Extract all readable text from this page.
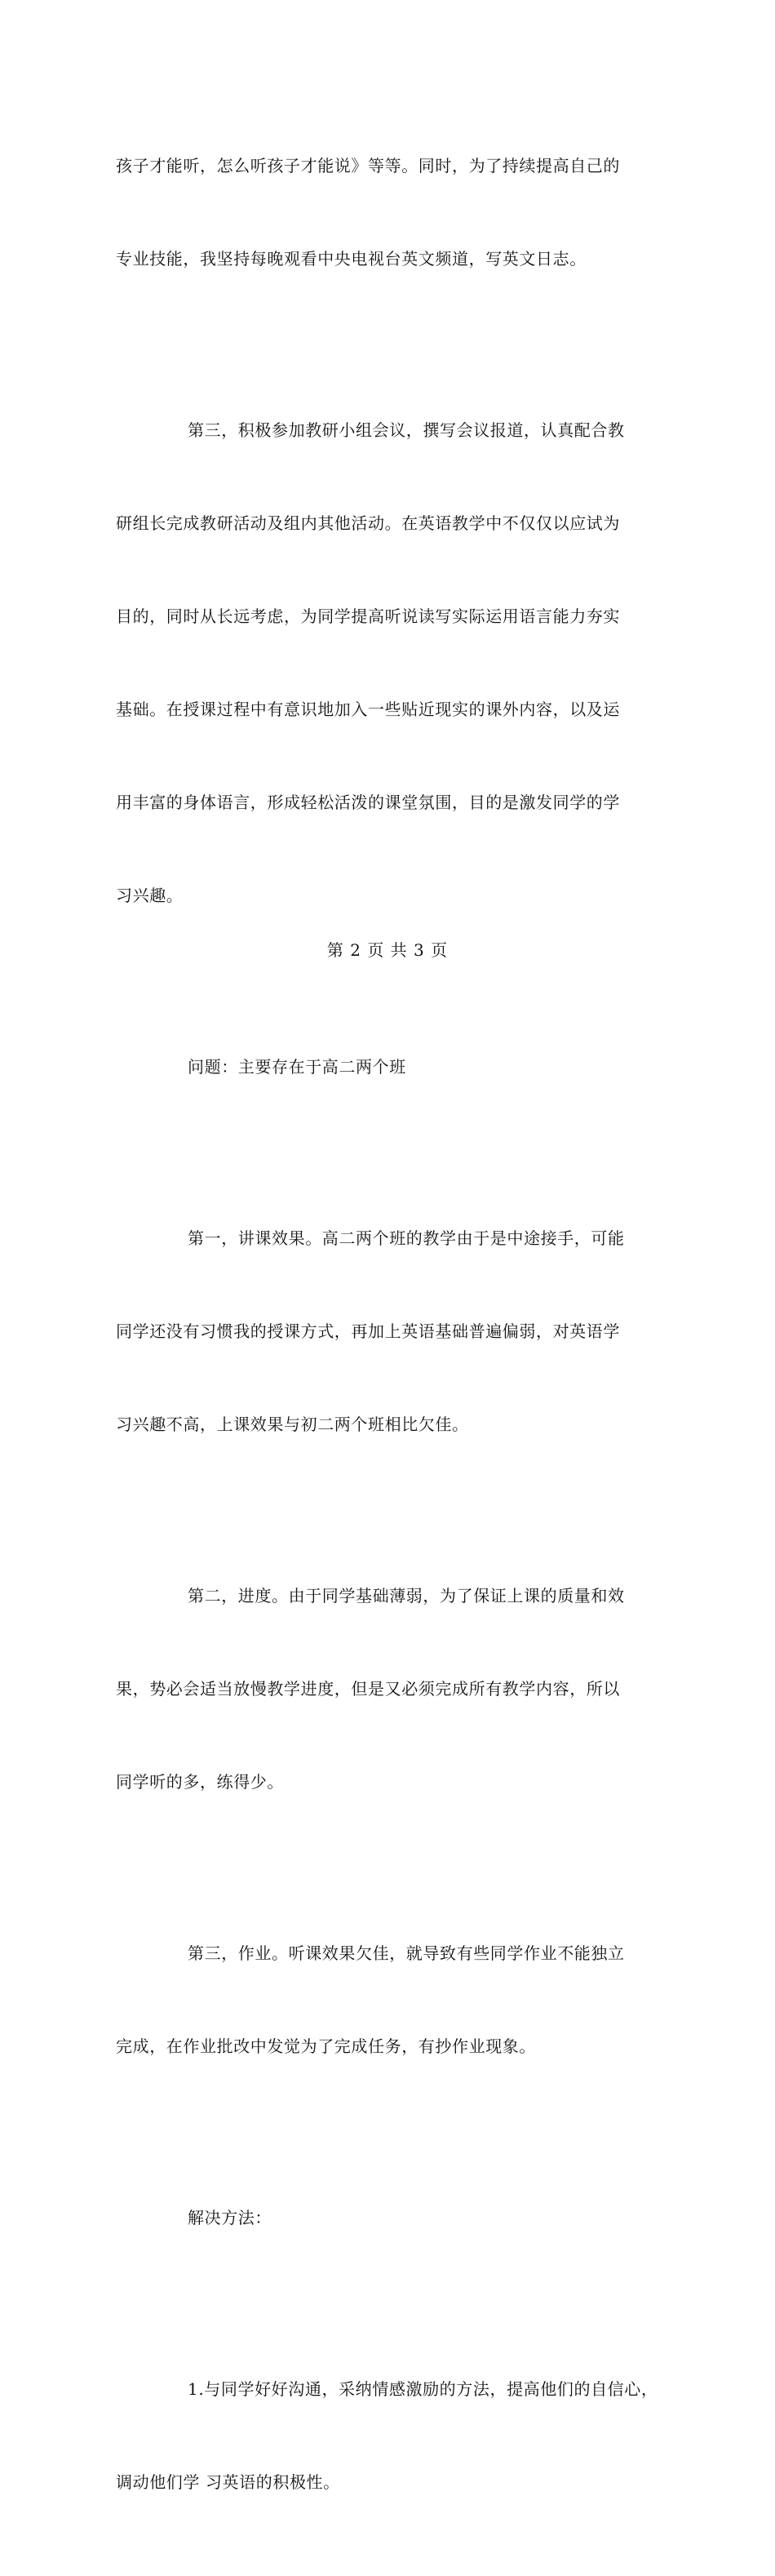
孩子才能听，怎么听孩子才能说》等等。同时，为了持续提高自己的

专业技能，我坚持每晚观看中央电视台英文频道，写英文日志。

第三，积极参加教研小组会议，撰写会议报道，认真配合教

研组长完成教研活动及组内其他活动。在英语教学中不仅仅以应试为

目的，同时从长远考虑，为同学提高听说读写实际运用语言能力夯实

基础。在授课过程中有意识地加入一些贴近现实的课外内容，以及运

用丰富的身体语言，形成轻松活泼的课堂氛围，目的是激发同学的学

习兴趣。

问题：主要存在于高二两个班

第一，讲课效果。高二两个班的教学由于是中途接手，可能

同学还没有习惯我的授课方式，再加上英语基础普遍偏弱，对英语学

习兴趣不高，上课效果与初二两个班相比欠佳。

第二，进度。由于同学基础薄弱，为了保证上课的质量和效

果，势必会适当放慢教学进度，但是又必须完成所有教学内容，所以

同学听的多，练得少。

第三，作业。听课效果欠佳，就导致有些同学作业不能独立

完成，在作业批改中发觉为了完成任务，有抄作业现象。

解决方法：

1.与同学好好沟通，采纳情感激励的方法，提高他们的自信心，

调动他们学 习英语的积极性。

第 2 页 共 3 页
